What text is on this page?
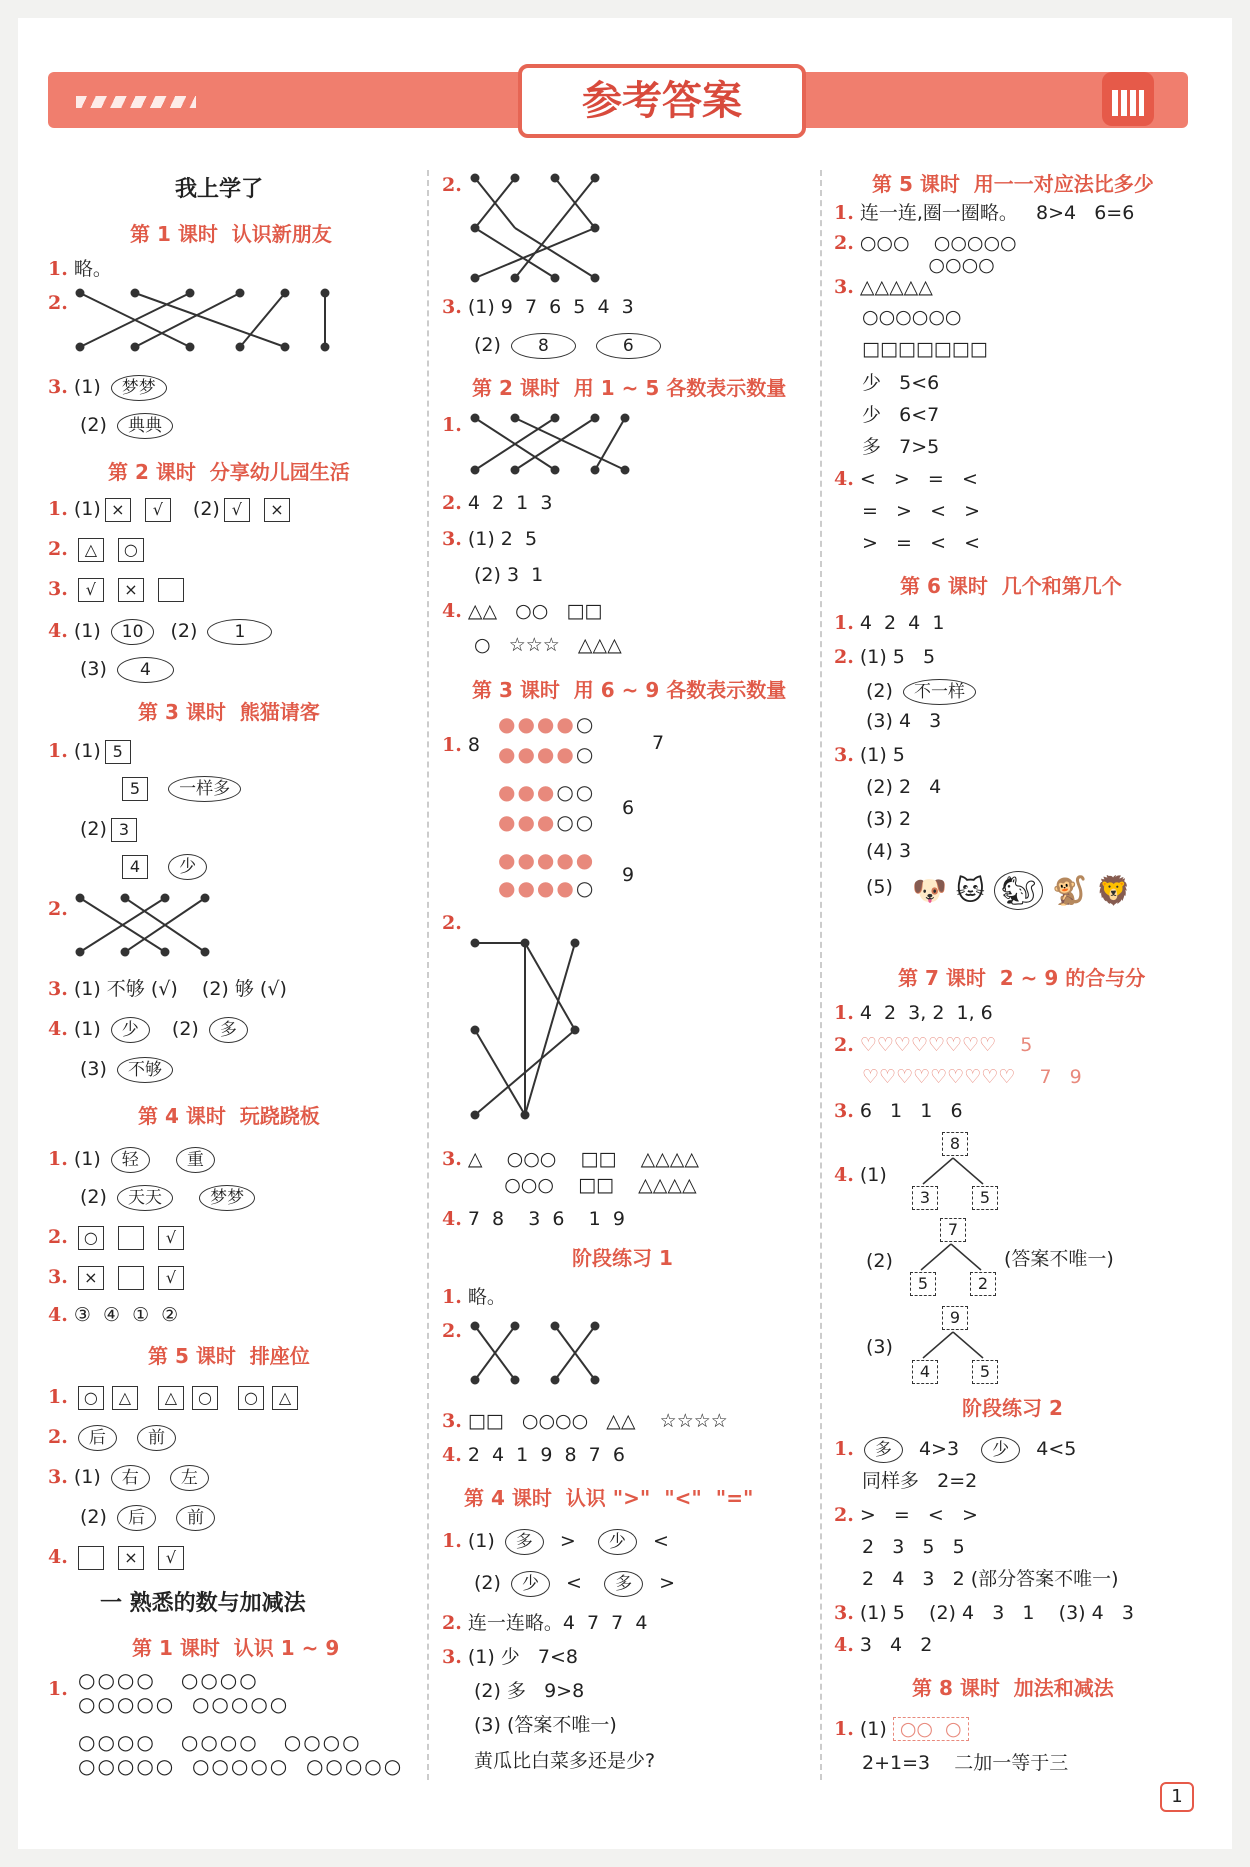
参考答案
我上学了
第 1 课时  认识新朋友
1. 略。
2.
3. (1) 梦梦
(2) 典典
第 2 课时  分享幼儿园生活
1. (1) × √   (2) √ ×
2. △ ○
3. √ ×
4. (1) 10  (2) 1
(3) 4
第 3 课时  熊猫请客
1. (1) 5
5 一样多
(2) 3
4 少
2.
3. (1) 不够 (√)    (2) 够 (√)
4. (1) 少   (2) 多
(3) 不够
第 4 课时  玩跷跷板
1. (1) 轻	重
(2) 天天	梦梦
2. ○	√
3. ×	√
4. ③  ④  ①  ②
第 5 课时  排座位
1. ○ △ △ ○ ○ △
2. 后 前
3. (1) 右 左
(2) 后 前
4.	× √
一 熟悉的数与加减法
第 1 课时  认识 1 ~ 9
1. ○○○○   ○○○○
○○○○○  ○○○○○
○○○○   ○○○○   ○○○○
○○○○○  ○○○○○  ○○○○○
2.
3. (1) 9  7  6  5  4  3
(2) 8	6
第 2 课时  用 1 ~ 5 各数表示数量
1.
2. 4  2  1  3
3. (1) 2  5
(2) 3  1
4. △△   ○○   □□
○   ☆☆☆   △△△
第 3 课时  用 6 ~ 9 各数表示数量
1. 8
●●●●○
●●●●○	7
●●●○○
●●●○○
6
●●●●●
●●●●○
9
2.
3. △    ○○○    □□    △△△△
○○○    □□    △△△△
4. 7  8    3  6    1  9
阶段练习 1
1. 略。
2.
3. □□   ○○○○   △△    ☆☆☆☆
4. 2  4  1  9  8  7  6
第 4 课时  认识 ">"  "<"  "="
1. (1) 多  >   少  <
(2) 少  <   多  >
2. 连一连略。4  7  7  4
3. (1) 少   7<8
(2) 多   9>8
(3) (答案不唯一)
黄瓜比白菜多还是少?
第 5 课时  用一一对应法比多少
1. 连一连,圈一圈略。   8>4   6=6
2. ○○○    ○○○○○
○○○○
3. △△△△△
○○○○○○
□□□□□□□
少   5<6
少   6<7
多   7>5
4. <   >   =   <
=   >   <   >
>   =   <   <
第 6 课时  几个和第几个
1. 4  2  4  1
2. (1) 5   5
(2) 不一样
(3) 4   3
3. (1) 5
(2) 2   4
(3) 2
(4) 3
(5) 🐶 🐱 🐿 🐒 🦁
第 7 课时  2 ~ 9 的合与分
1. 4  2  3, 2  1, 6
2. ♡♡♡♡♡♡♡♡    5
♡♡♡♡♡♡♡♡♡    7   9
3. 6   1   1   6
4. (1)
8
3	5
(2)
7
5	2
(答案不唯一)
(3)
9
4	5
阶段练习 2
1. 多 4>3 少 4<5
同样多   2=2
2. >   =   <   >
2   3   5   5
2   4   3   2 (部分答案不唯一)
3. (1) 5    (2) 4   3   1    (3) 4   3
4. 3   4   2
第 8 课时  加法和减法
1. (1) ○○  ○
2+1=3    二加一等于三
1
